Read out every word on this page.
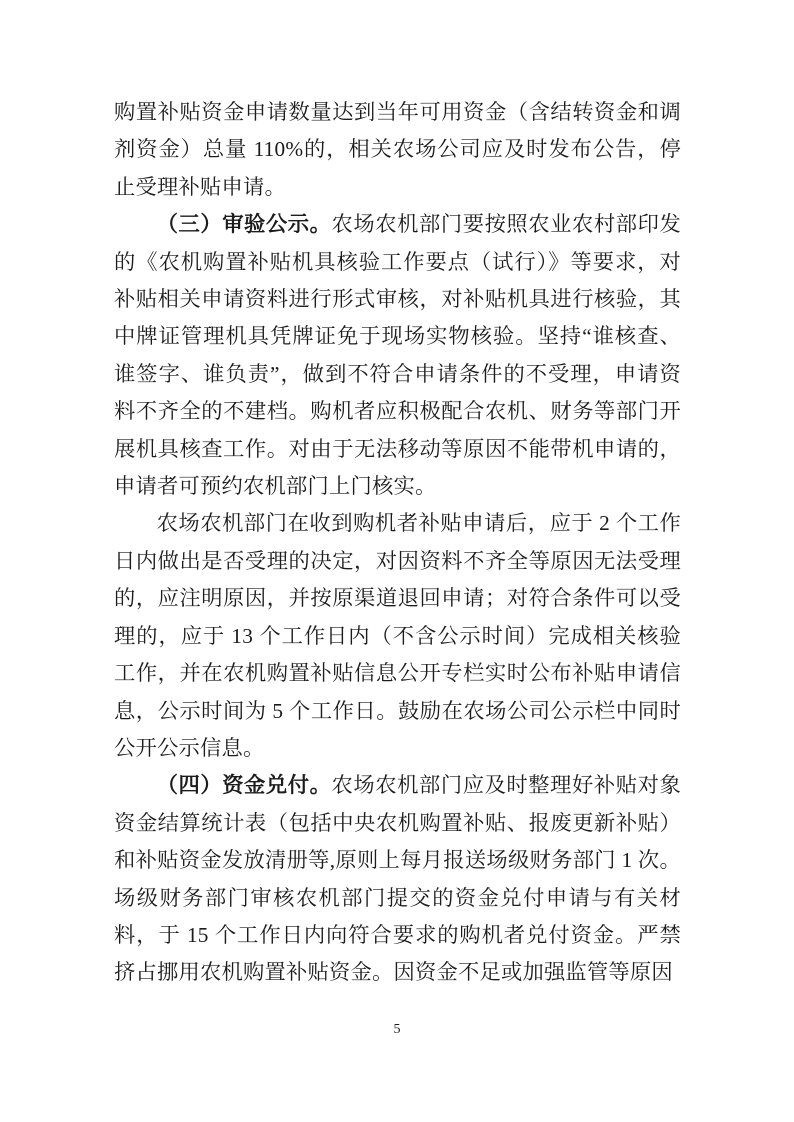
购置补贴资金申请数量达到当年可用资金（含结转资金和调剂资金）总量 110%的，相关农场公司应及时发布公告，停止受理补贴申请。

（三）审验公示。农场农机部门要按照农业农村部印发的《农机购置补贴机具核验工作要点（试行）》等要求，对补贴相关申请资料进行形式审核，对补贴机具进行核验，其中牌证管理机具凭牌证免于现场实物核验。坚持“谁核查、谁签字、谁负责”，做到不符合申请条件的不受理，申请资料不齐全的不建档。购机者应积极配合农机、财务等部门开展机具核查工作。对由于无法移动等原因不能带机申请的，申请者可预约农机部门上门核实。

农场农机部门在收到购机者补贴申请后，应于 2 个工作日内做出是否受理的决定，对因资料不齐全等原因无法受理的，应注明原因，并按原渠道退回申请；对符合条件可以受理的，应于 13 个工作日内（不含公示时间）完成相关核验工作，并在农机购置补贴信息公开专栏实时公布补贴申请信息，公示时间为 5 个工作日。鼓励在农场公司公示栏中同时公开公示信息。

（四）资金兑付。农场农机部门应及时整理好补贴对象资金结算统计表（包括中央农机购置补贴、报废更新补贴）和补贴资金发放清册等,原则上每月报送场级财务部门 1 次。场级财务部门审核农机部门提交的资金兑付申请与有关材料，于 15 个工作日内向符合要求的购机者兑付资金。严禁挤占挪用农机购置补贴资金。因资金不足或加强监管等原因

5
